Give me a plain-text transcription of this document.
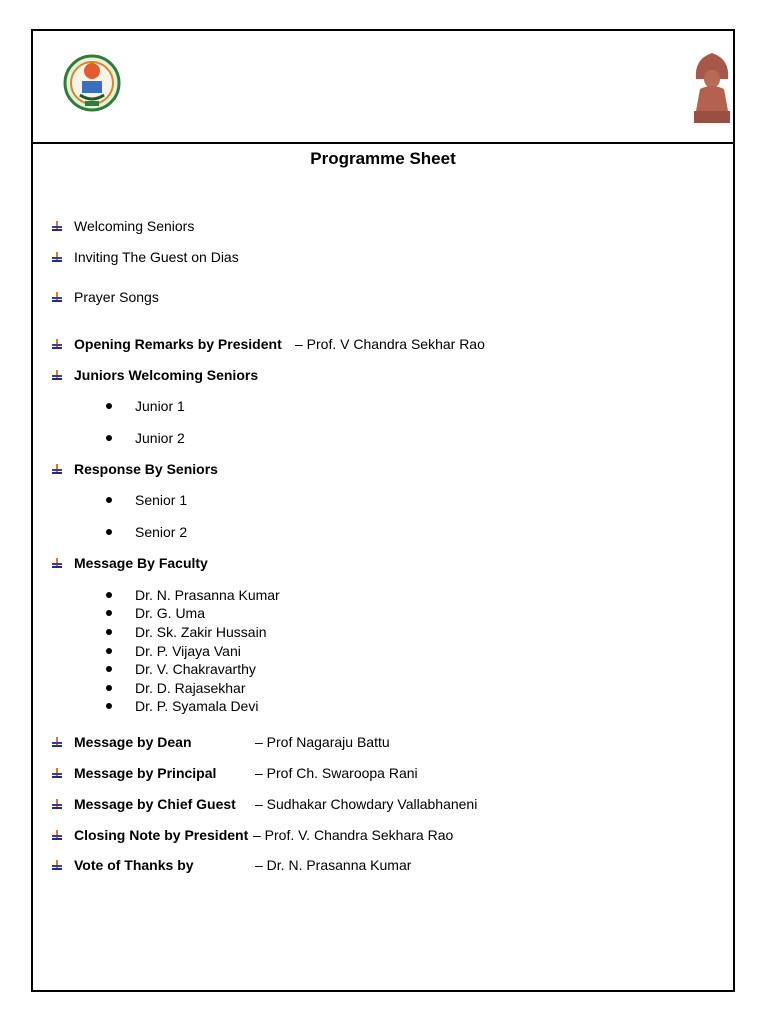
Programme Sheet
Welcoming Seniors
Inviting The Guest on Dias
Prayer Songs
Opening Remarks by President – Prof. V Chandra Sekhar Rao
Juniors Welcoming Seniors
Junior 1
Junior 2
Response By Seniors
Senior 1
Senior 2
Message By Faculty
Dr. N. Prasanna Kumar
Dr. G. Uma
Dr. Sk. Zakir Hussain
Dr. P. Vijaya Vani
Dr. V. Chakravarthy
Dr. D. Rajasekhar
Dr. P. Syamala Devi
Message by Dean	– Prof Nagaraju Battu
Message by Principal	– Prof Ch. Swaroopa Rani
Message by Chief Guest – Sudhakar Chowdary Vallabhaneni
Closing Note by President – Prof. V. Chandra Sekhara Rao
Vote of Thanks by	– Dr. N. Prasanna Kumar
